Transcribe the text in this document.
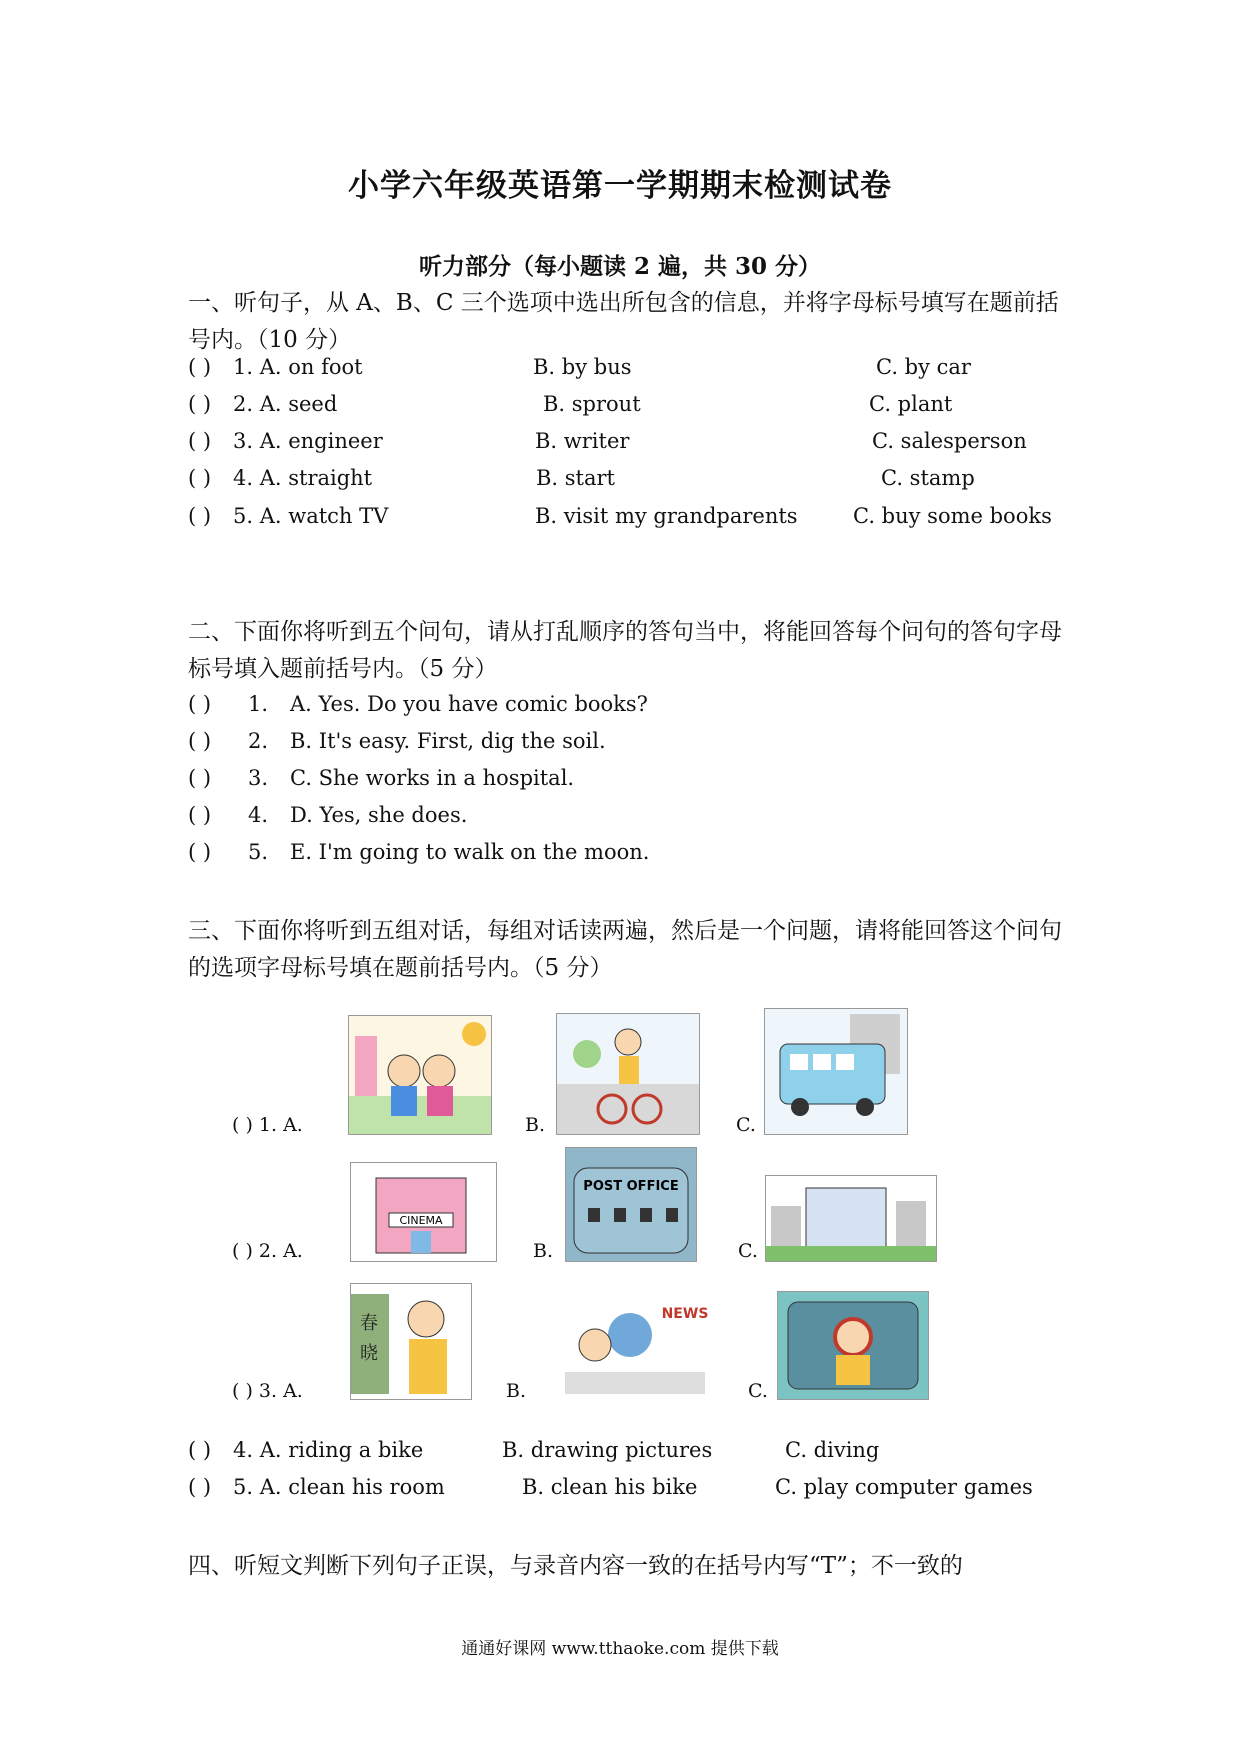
小学六年级英语第一学期期末检测试卷
听力部分（每小题读 2 遍，共 30 分）
一、听句子，从 A、B、C 三个选项中选出所包含的信息，并将字母标号填写在题前括号内。（10 分）
( ) 1. A. on foot	B. by bus	C. by car
( ) 2. A. seed	B. sprout	C. plant
( ) 3. A. engineer	B. writer	C. salesperson
( ) 4. A. straight	B. start	C. stamp
( ) 5. A. watch TV	B. visit my grandparents	C. buy some books
二、下面你将听到五个问句，请从打乱顺序的答句当中，将能回答每个问句的答句字母标号填入题前括号内。（5 分）
( ) 1. A. Yes. Do you have comic books?
( ) 2. B. It's easy. First, dig the soil.
( ) 3. C. She works in a hospital.
( ) 4. D. Yes, she does.
( ) 5. E. I'm going to walk on the moon.
三、下面你将听到五组对话，每组对话读两遍，然后是一个问题，请将能回答这个问句的选项字母标号填在题前括号内。（5 分）
( ) 1. A.	B.	C.
( ) 2. A.
CINEMA
B.
POST OFFICE
C.
( ) 3. A.
春
晓
B.
NEWS
C.
( ) 4. A. riding a bike	B. drawing pictures	C. diving
( ) 5. A. clean his room	B. clean his bike	C. play computer games
四、听短文判断下列句子正误，与录音内容一致的在括号内写“T”；不一致的
通通好课网 www.tthaoke.com 提供下载
